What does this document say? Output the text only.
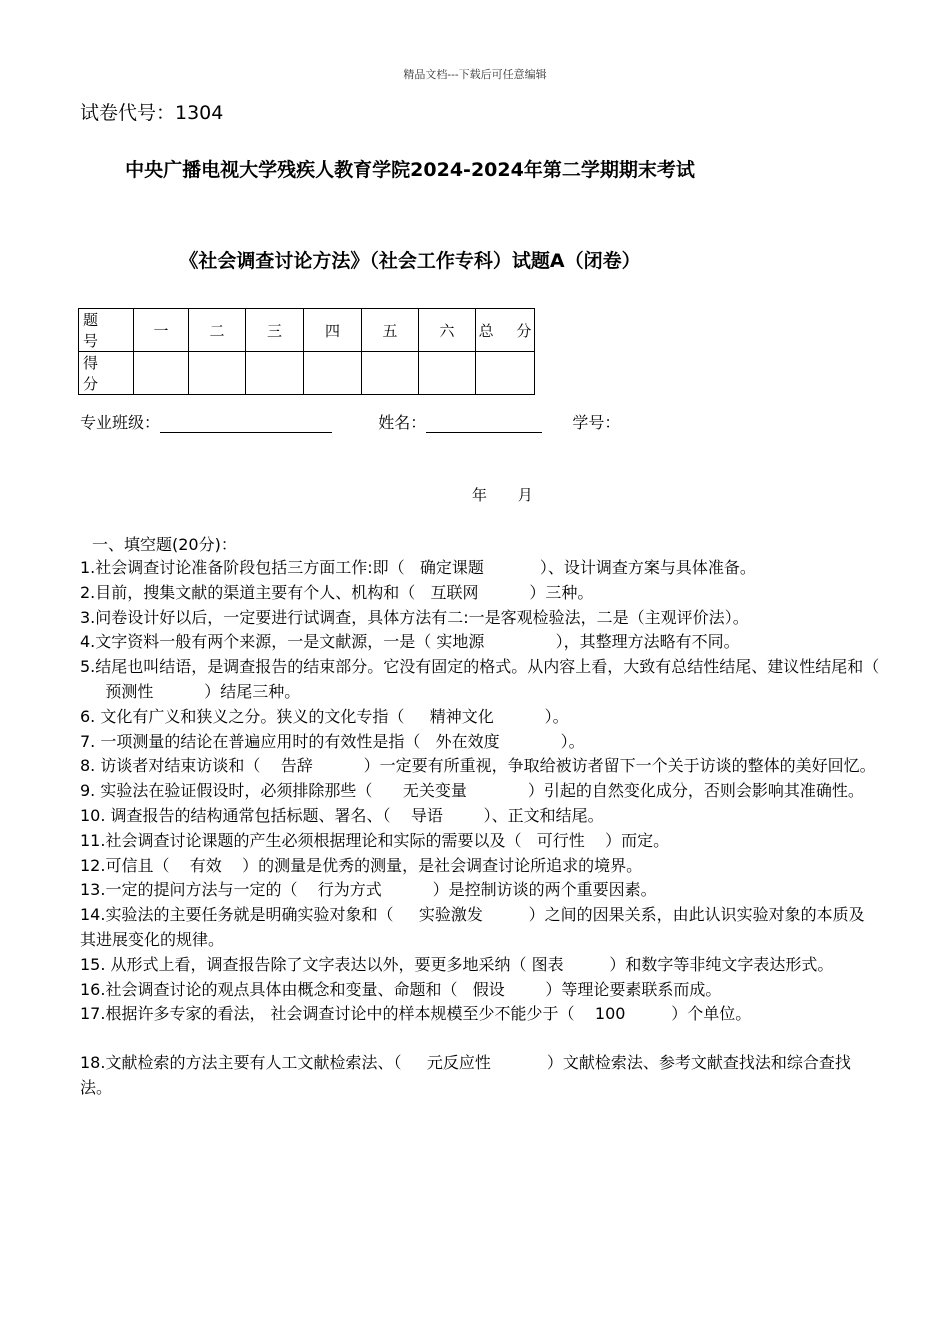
精品文档---下载后可任意编辑
试卷代号：1304
中央广播电视大学残疾人教育学院2024-2024年第二学期期末考试
《社会调查讨论方法》（社会工作专科）试题A（闭卷）
题 号	一	二	三	四	五	六	总 分
得 分							
专业班级：	姓名：	学号：
年 月
一、填空题(20分)：

1.社会调查讨论准备阶段包括三方面工作:即（   确定课题           ）、设计调查方案与具体准备。

2.目前，搜集文献的渠道主要有个人、机构和（   互联网          ）三种。

3.问卷设计好以后，一定要进行试调查，具体方法有二:一是客观检验法，二是（主观评价法）。

4.文字资料一般有两个来源，一是文献源，一是（ 实地源              ），其整理方法略有不同。

5.结尾也叫结语，是调查报告的结束部分。它没有固定的格式。从内容上看，大致有总结性结尾、建议性结尾和（     预测性          ）结尾三种。

6. 文化有广义和狭义之分。狭义的文化专指（     精神文化          ）。

7. 一项测量的结论在普遍应用时的有效性是指（   外在效度            ）。

8. 访谈者对结束访谈和（    告辞          ）一定要有所重视，争取给被访者留下一个关于访谈的整体的美好回忆。

9. 实验法在验证假设时，必须排除那些（      无关变量            ）引起的自然变化成分，否则会影响其准确性。

10. 调查报告的结构通常包括标题、署名、（    导语        ）、正文和结尾。

11.社会调查讨论课题的产生必须根据理论和实际的需要以及（   可行性    ）而定。

12.可信且（    有效    ）的测量是优秀的测量，是社会调查讨论所追求的境界。

13.一定的提问方法与一定的（    行为方式          ）是控制访谈的两个重要因素。

14.实验法的主要任务就是明确实验对象和（     实验激发         ）之间的因果关系，由此认识实验对象的本质及其进展变化的规律。

15. 从形式上看，调查报告除了文字表达以外，要更多地采纳（ 图表         ）和数字等非纯文字表达形式。

16.社会调查讨论的观点具体由概念和变量、命题和（   假设        ）等理论要素联系而成。

17.根据许多专家的看法， 社会调查讨论中的样本规模至少不能少于（    100         ）个单位。

18.文献检索的方法主要有人工文献检索法、（     元反应性           ）文献检索法、参考文献查找法和综合查找法。
